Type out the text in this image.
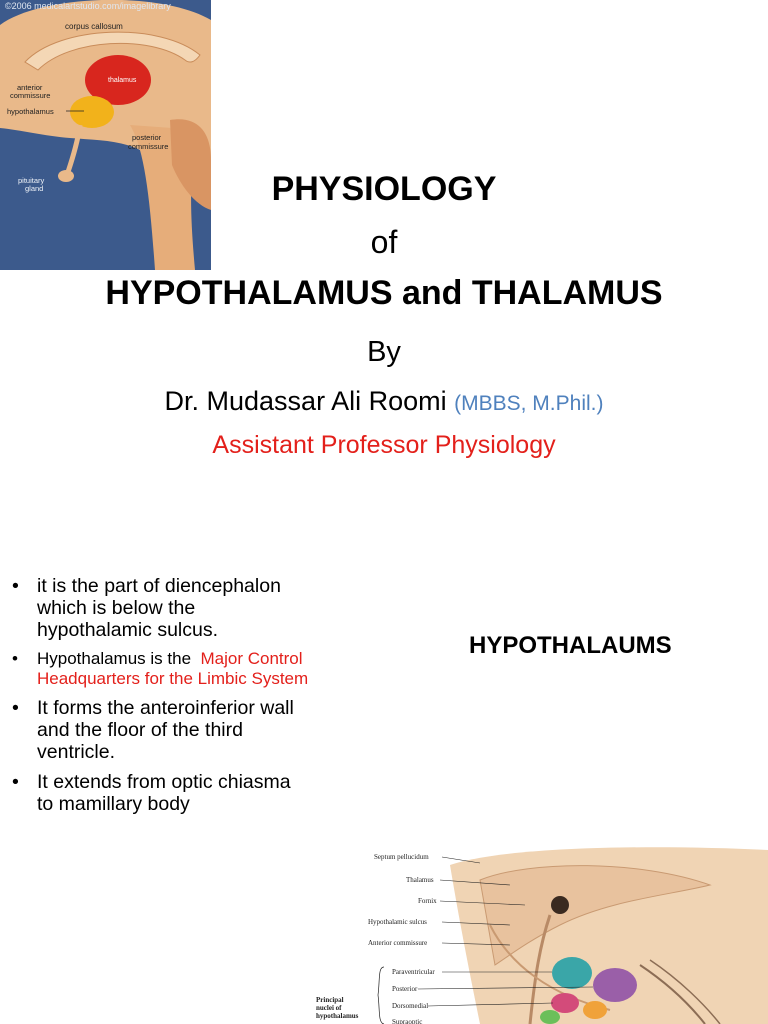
©2006 medicalartstudio.com/imagelibrary
corpus callosum
thalamus
anterior
commissure
hypothalamus
posterior
commissure
pituitary
gland	PHYSIOLOGY
of
HYPOTHALAMUS and THALAMUS
By
Dr. Mudassar Ali Roomi (MBBS, M.Phil.)
Assistant Professor Physiology
• it is the part of diencephalon which is below the hypothalamic sulcus.
• Hypothalamus is the Major Control Headquarters for the Limbic System
• It forms the anteroinferior wall and the floor of the third ventricle.
• It extends from optic chiasma to mamillary body
HYPOTHALAUMS
Septum pellucidum
Thalamus
Fornix
Hypothalamic sulcus
Anterior commissure
Paraventricular
Posterior
Dorsomedial
Supraoptic
Principal
nuclei of
hypothalamus
